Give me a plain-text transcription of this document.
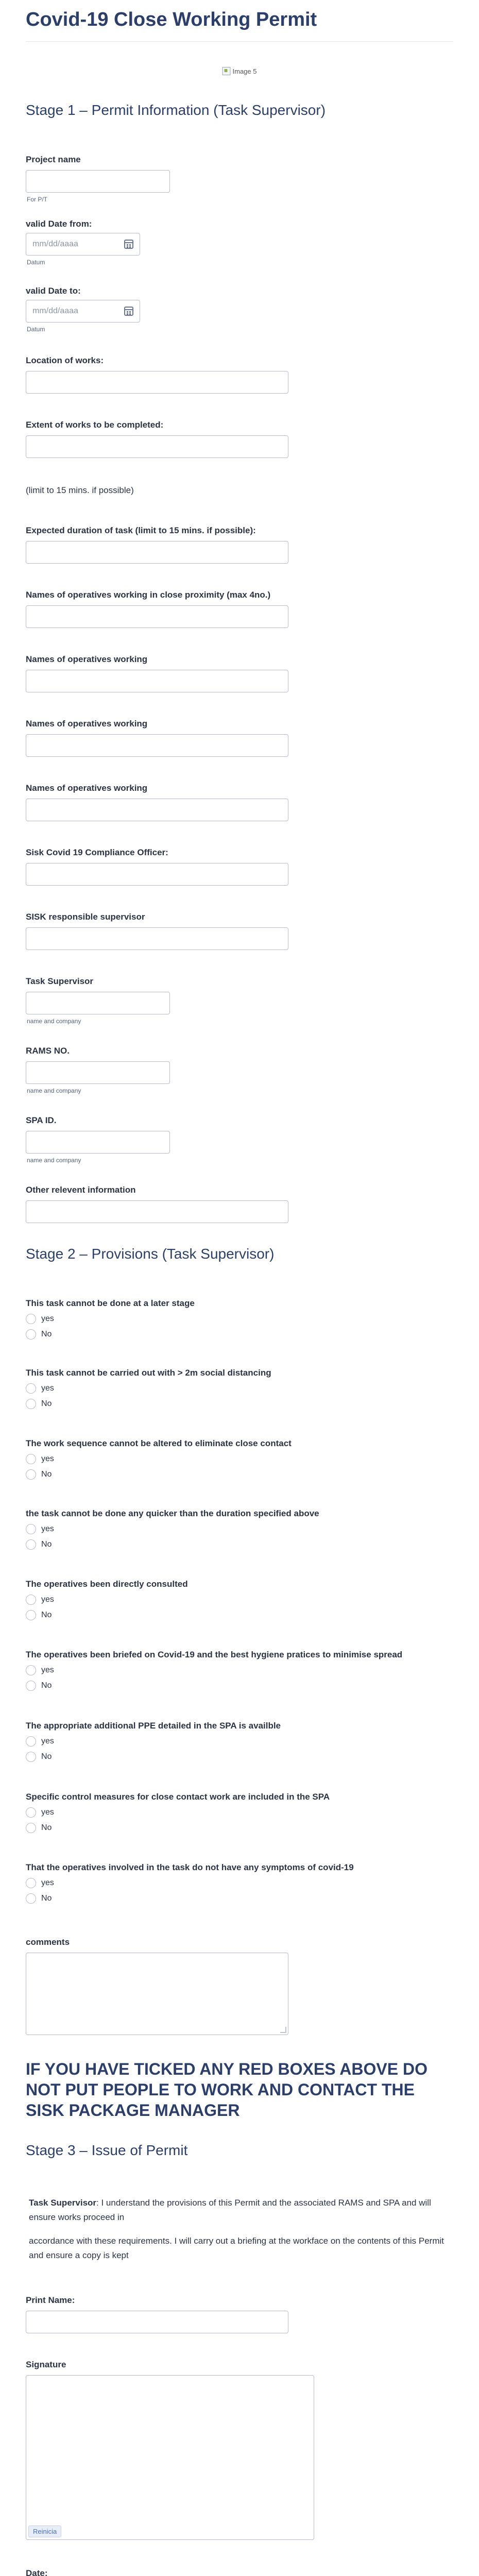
Covid-19 Close Working Permit
Image 5
Stage 1 – Permit Information (Task Supervisor)
Project name
For P/T
valid Date from:
mm/dd/aaaa
Datum
valid Date to:
mm/dd/aaaa
Datum
Location of works:
Extent of works to be completed:
(limit to 15 mins. if possible)
Expected duration of task (limit to 15 mins. if possible):
Names of operatives working in close proximity (max 4no.)
Names of operatives working
Names of operatives working
Names of operatives working
Sisk Covid 19 Compliance Officer:
SISK responsible supervisor
Task Supervisor
name and company
RAMS NO.
name and company
SPA ID.
name and company
Other relevent information
Stage 2 – Provisions (Task Supervisor)
This task cannot be done at a later stage
yes
No
This task cannot be carried out with > 2m social distancing
yes
No
The work sequence cannot be altered to eliminate close contact
yes
No
the task cannot be done any quicker than the duration specified above
yes
No
The operatives been directly consulted
yes
No
The operatives been briefed on Covid-19 and the best hygiene pratices to minimise spread
yes
No
The appropriate additional PPE detailed in the SPA is availble
yes
No
Specific control measures for close contact work are included in the SPA
yes
No
That the operatives involved in the task do not have any symptoms of covid-19
yes
No
comments
IF YOU HAVE TICKED ANY RED BOXES ABOVE DO NOT PUT PEOPLE TO WORK AND CONTACT THE SISK PACKAGE MANAGER
Stage 3 – Issue of Permit

Task Supervisor: I understand the provisions of this Permit and the associated RAMS and SPA and will ensure works proceed in

accordance with these requirements. I will carry out a briefing at the workface on the contents of this Permit and ensure a copy is kept

Print Name:
Signature
Reinicia
Date:
